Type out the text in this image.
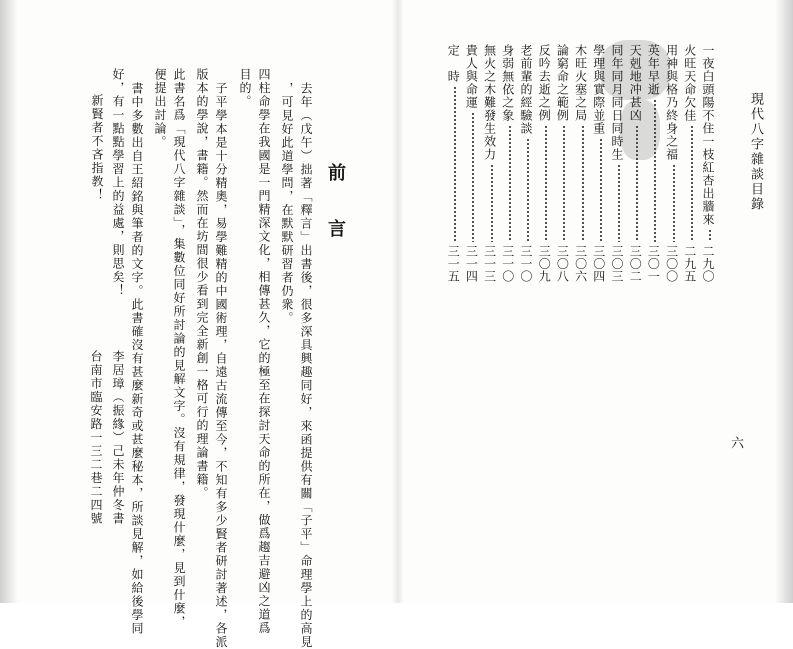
現代八字雜談目錄
六
一夜白頭陽不住一枝紅杏出牆來
二九〇
火旺天命欠佳
二九五
用神與格乃終身之福
三〇〇
英年早逝
三〇一
天剋地冲甚凶
三〇二
同年同月同日同時生
三〇三
學理與實際並重
三〇四
木旺火塞之局
三〇六
論窮命之範例
三〇八
反吟去逝之例
三〇九
老前輩的經驗談
三一〇
身弱無依之象
三一〇
無火之木難發生效力
三一三
貴人與命運
三一四
定　時
三一五
前　言
去年（戊午）拙著「釋言」出書後，很多深具興趣同好，來函提供有關「子平」命理學上的高見
，可見好此道學問，在默默研習者仍衆。
四柱命學在我國是一門精深文化，相傳甚久，它的極至在探討天命的所在，做爲趨吉避凶之道爲
目的。
子平學本是十分精奧，易學難精的中國術理，自遠古流傳至今，不知有多少賢者研討著述，各派
版本的學說，書籍。然而在坊間很少看到完全新創一格可行的理論書籍。
此書名爲「現代八字雜談」，集數位同好所討論的見解文字。沒有規律，發現什麼，見到什麼，
便提出討論。
書中多數出自王紹銘與筆者的文字。此書確沒有甚麼新奇或甚麼秘本，所談見解，如給後學同
好，有一點點學習上的益處，則思矣！
新賢者不吝指教！
李居璋（振緣）己未年仲冬書
台南市臨安路一三二巷二四號
